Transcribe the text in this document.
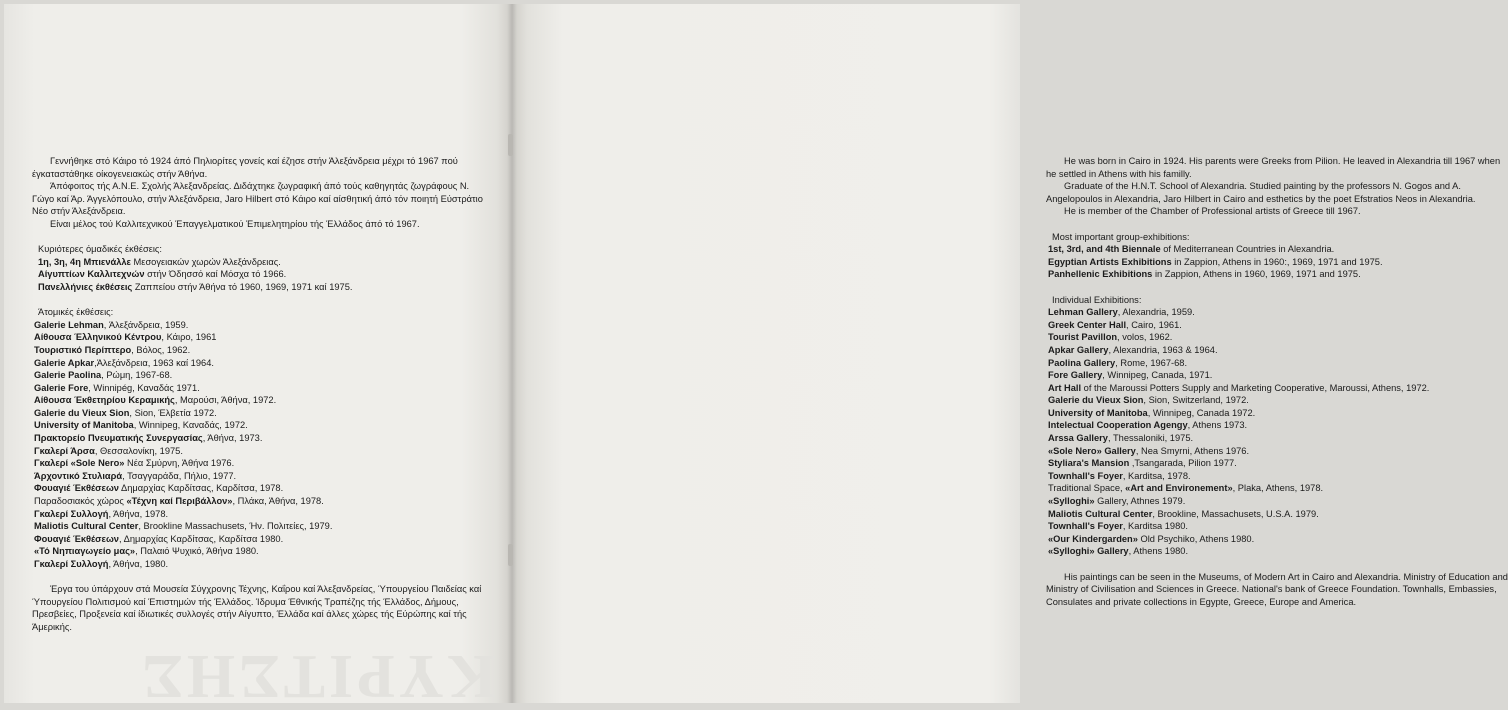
ΚΥΡΙΤΣΗΣ

Γεννήθηκε στό Κάιρο τό 1924 άπό Πηλιορίτες γονείς καί έζησε στήν Άλεξάνδρεια μέχρι τό 1967 πού έγκαταστάθηκε οίκογενειακώς στήν Άθήνα.

Άπόφοιτος τής Α.Ν.Ε. Σχολής Άλεξανδρείας. Διδάχτηκε ζωγραφική άπό τούς καθηγητάς ζωγράφους Ν. Γώγο καί Άρ. Άγγελόπουλο, στήν Άλεξάνδρεια, Jaro Hilbert στό Κάιρο καί αίσθητική άπό τόν ποιητή Εύστράτιο Νέο στήν Άλεξάνδρεια.

Είναι μέλος τού Καλλιτεχνικού Έπαγγελματικού Έπιμελητηρίου τής Έλλάδος άπό τό 1967.

Κυριότερες όμαδικές έκθέσεις:

1η, 3η, 4η Μπιενάλλε Μεσογειακών χωρών Άλεξάνδρειας.

Αίγυπτίων Καλλιτεχνών στήν Όδησσό καί Μόσχα τό 1966.

Πανελλήνιες έκθέσεις Ζαππείου στήν Άθήνα τό 1960, 1969, 1971 καί 1975.

Άτομικές έκθέσεις:

Galerie Lehman, Άλεξάνδρεια, 1959.

Αίθουσα Έλληνικού Κέντρου, Κάιρο, 1961

Τουριστικό Περίπτερο, Βόλος, 1962.

Galerie Apkar,Άλεξάνδρεια, 1963 καί 1964.

Galerie Paolina, Ρώμη, 1967-68.

Galerie Fore, Winnipég, Καναδάς 1971.

Αίθουσα Έκθετηρίου Κεραμικής, Μαρούσι, Άθήνα, 1972.

Galerie du Vieux Sion, Sion, Έλβετία 1972.

University of Manitoba, Winnipeg, Καναδάς, 1972.

Πρακτορείο Πνευματικής Συνεργασίας, Άθήνα, 1973.

Γκαλερί Άρσα, Θεσσαλονίκη, 1975.

Γκαλερί «Sole Nero» Νέα Σμύρνη, Άθήνα 1976.

Άρχοντικό Στυλιαρά, Τσαγγαράδα, Πήλιο, 1977.

Φουαγιέ Έκθέσεων Δημαρχίας Καρδίτσας, Καρδίτσα, 1978.

Παραδοσιακός χώρος «Τέχνη καί Περιβάλλον», Πλάκα, Άθήνα, 1978.

Γκαλερί Συλλογή, Άθήνα, 1978.

Maliotis Cultural Center, Brookline Massachusets, Ήν. Πολιτείες, 1979.

Φουαγιέ Έκθέσεων, Δημαρχίας Καρδίτσας, Καρδίτσα 1980.

«Τό Νηπιαγωγείο μας», Παλαιό Ψυχικό, Άθήνα 1980.

Γκαλερί Συλλογή, Άθήνα, 1980.

Έργα του ύπάρχουν στά Μουσεία Σύγχρονης Τέχνης, Καΐρου καί Άλεξανδρείας, Ύπουργείου Παιδείας καί Ύπουργείου Πολιτισμού καί Έπιστημών τής Έλλάδος. Ίδρυμα Έθνικής Τραπέζης τής Έλλάδος, Δήμους, Πρεσβείες, Προξενεία καί ίδιωτικές συλλογές στήν Αίγυπτο, Έλλάδα καί άλλες χώρες τής Εύρώπης καί τής Άμερικής.

He was born in Cairo in 1924. His parents were Greeks from Pilion. He leaved in Alexandria till 1967 when he settled in Athens with his familly.

Graduate of the H.N.T. School of Alexandria. Studied painting by the professors N. Gogos and A. Angelopoulos in Alexandria, Jaro Hilbert in Cairo and esthetics by the poet Efstratios Neos in Alexandria.

He is member of the Chamber of Professional artists of Greece till 1967.

Most important group-exhibitions:

1st, 3rd, and 4th Biennale of Mediterranean Countries in Alexandria.

Egyptian Artists Exhibitions in Zappion, Athens in 1960:, 1969, 1971 and 1975.

Panhellenic Exhibitions in Zappion, Athens in 1960, 1969, 1971 and 1975.

Individual Exhibitions:

Lehman Gallery, Alexandria, 1959.

Greek Center Hall, Cairo, 1961.

Tourist Pavillon, volos, 1962.

Apkar Gallery, Alexandria, 1963 & 1964.

Paolina Gallery, Rome, 1967-68.

Fore Gallery, Winnipeg, Canada, 1971.

Art Hall of the Maroussi Potters Supply and Marketing Cooperative, Maroussi, Athens, 1972.

Galerie du Vieux Sion, Sion, Switzerland, 1972.

University of Manitoba, Winnipeg, Canada 1972.

Intelectual Cooperation Agengy, Athens 1973.

Arssa Gallery, Thessaloniki, 1975.

«Sole Nero» Gallery, Nea Smyrni, Athens 1976.

Styliara's Mansion ,Tsangarada, Pilion 1977.

Townhall's Foyer, Karditsa, 1978.

Traditional Space, «Art and Environement», Plaka, Athens, 1978.

«Sylloghi» Gallery, Athnes 1979.

Maliotis Cultural Center, Brookline, Massachusets, U.S.A. 1979.

Townhall's Foyer, Karditsa 1980.

«Our Kindergarden» Old Psychiko, Athens 1980.

«Sylloghi» Gallery, Athens 1980.

His paintings can be seen in the Museums, of Modern Art in Cairo and Alexandria. Ministry of Education and Ministry of Civilisation and Sciences in Greece. National's bank of Greece Foundation. Townhalls, Embassies, Consulates and private collections in Egypte, Greece, Europe and America.
